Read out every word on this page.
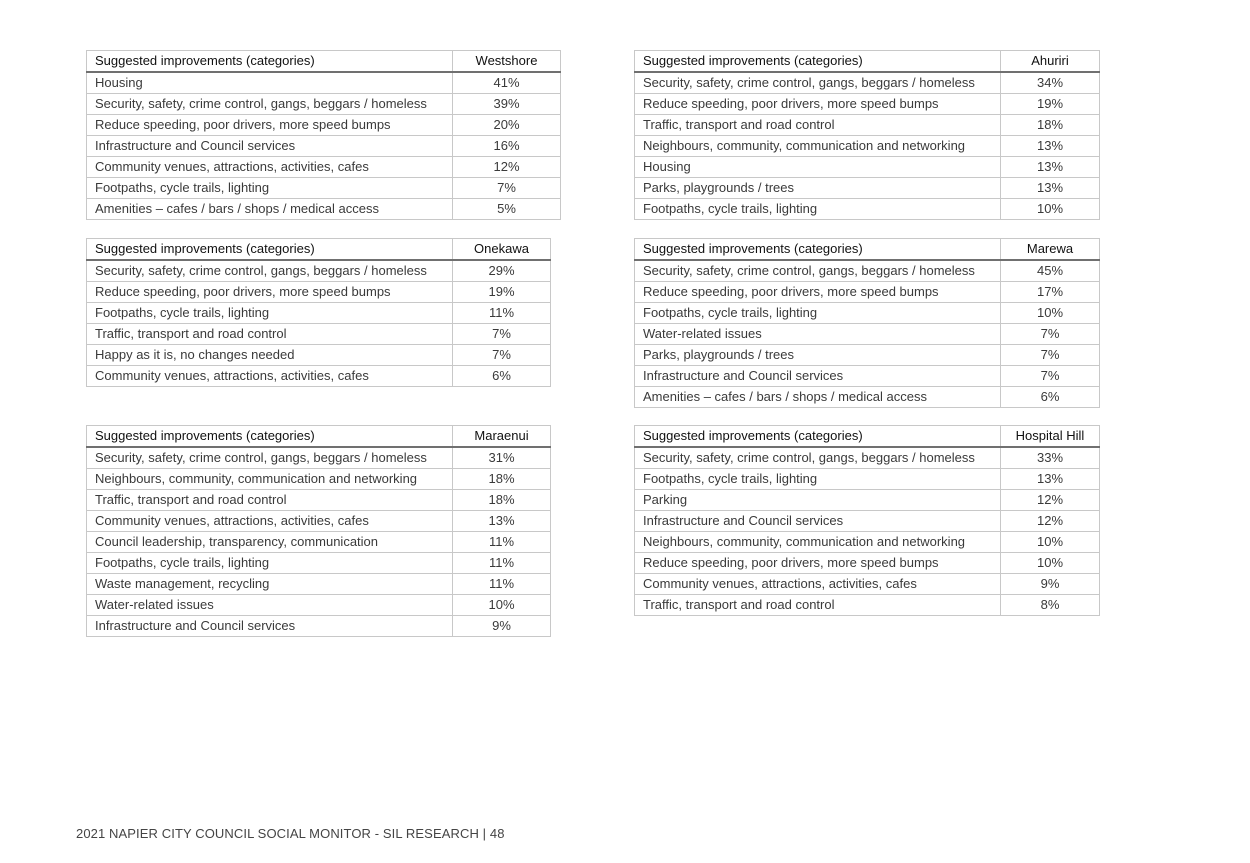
Suggested improvements (categories)	Westshore
Housing	41%
Security, safety, crime control, gangs, beggars / homeless	39%
Reduce speeding, poor drivers, more speed bumps	20%
Infrastructure and Council services	16%
Community venues, attractions, activities, cafes	12%
Footpaths, cycle trails, lighting	7%
Amenities – cafes / bars / shops / medical access	5%
Suggested improvements (categories)	Onekawa
Security, safety, crime control, gangs, beggars / homeless	29%
Reduce speeding, poor drivers, more speed bumps	19%
Footpaths, cycle trails, lighting	11%
Traffic, transport and road control	7%
Happy as it is, no changes needed	7%
Community venues, attractions, activities, cafes	6%
Suggested improvements (categories)	Maraenui
Security, safety, crime control, gangs, beggars / homeless	31%
Neighbours, community, communication and networking	18%
Traffic, transport and road control	18%
Community venues, attractions, activities, cafes	13%
Council leadership, transparency, communication	11%
Footpaths, cycle trails, lighting	11%
Waste management, recycling	11%
Water-related issues	10%
Infrastructure and Council services	9%
Suggested improvements (categories)	Ahuriri
Security, safety, crime control, gangs, beggars / homeless	34%
Reduce speeding, poor drivers, more speed bumps	19%
Traffic, transport and road control	18%
Neighbours, community, communication and networking	13%
Housing	13%
Parks, playgrounds / trees	13%
Footpaths, cycle trails, lighting	10%
Suggested improvements (categories)	Marewa
Security, safety, crime control, gangs, beggars / homeless	45%
Reduce speeding, poor drivers, more speed bumps	17%
Footpaths, cycle trails, lighting	10%
Water-related issues	7%
Parks, playgrounds / trees	7%
Infrastructure and Council services	7%
Amenities – cafes / bars / shops / medical access	6%
Suggested improvements (categories)	Hospital Hill
Security, safety, crime control, gangs, beggars / homeless	33%
Footpaths, cycle trails, lighting	13%
Parking	12%
Infrastructure and Council services	12%
Neighbours, community, communication and networking	10%
Reduce speeding, poor drivers, more speed bumps	10%
Community venues, attractions, activities, cafes	9%
Traffic, transport and road control	8%
2021 NAPIER CITY COUNCIL SOCIAL MONITOR - SIL RESEARCH | 48
